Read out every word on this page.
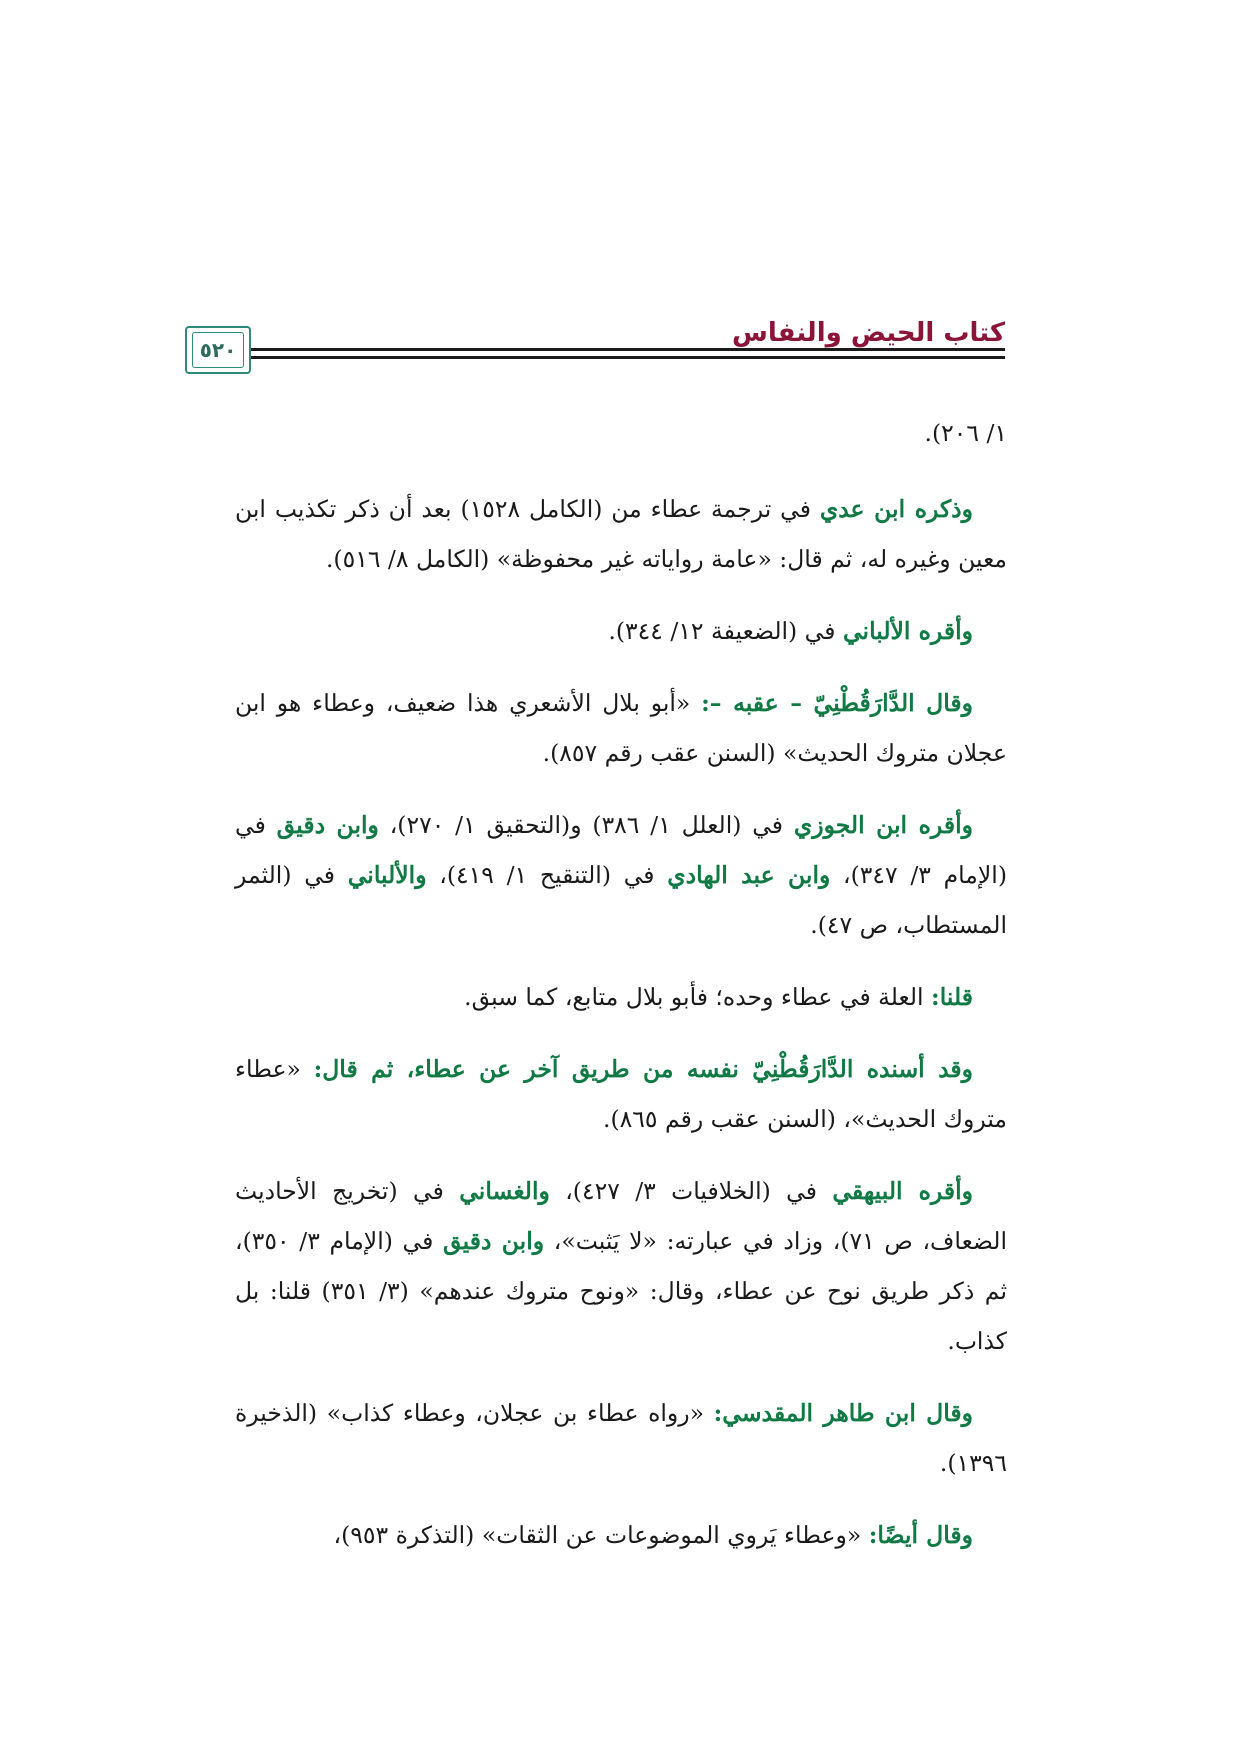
كتاب الحيض والنفاس
٥٢٠

١/ ٢٠٦).

وذكره ابن عدي في ترجمة عطاء من (الكامل ١٥٢٨) بعد أن ذكر تكذيب ابن معين وغيره له، ثم قال: «عامة رواياته غير محفوظة» (الكامل ٨/ ٥١٦).

وأقره الألباني في (الضعيفة ١٢/ ٣٤٤).

وقال الدَّارَقُطْنِيّ – عقبه –: «أبو بلال الأشعري هذا ضعيف، وعطاء هو ابن عجلان متروك الحديث» (السنن عقب رقم ٨٥٧).

وأقره ابن الجوزي في (العلل ١/ ٣٨٦) و(التحقيق ١/ ٢٧٠)، وابن دقيق في (الإمام ٣/ ٣٤٧)، وابن عبد الهادي في (التنقيح ١/ ٤١٩)، والألباني في (الثمر المستطاب، ص ٤٧).

قلنا: العلة في عطاء وحده؛ فأبو بلال متابع، كما سبق.

وقد أسنده الدَّارَقُطْنِيّ نفسه من طريق آخر عن عطاء، ثم قال: «عطاء متروك الحديث»، (السنن عقب رقم ٨٦٥).

وأقره البيهقي في (الخلافيات ٣/ ٤٢٧)، والغساني في (تخريج الأحاديث الضعاف، ص ٧١)، وزاد في عبارته: «لا يَثبت»، وابن دقيق في (الإمام ٣/ ٣٥٠)، ثم ذكر طريق نوح عن عطاء، وقال: «ونوح متروك عندهم» (٣/ ٣٥١) قلنا: بل كذاب.

وقال ابن طاهر المقدسي: «رواه عطاء بن عجلان، وعطاء كذاب» (الذخيرة ١٣٩٦).

وقال أيضًا: «وعطاء يَروي الموضوعات عن الثقات» (التذكرة ٩٥٣)،
